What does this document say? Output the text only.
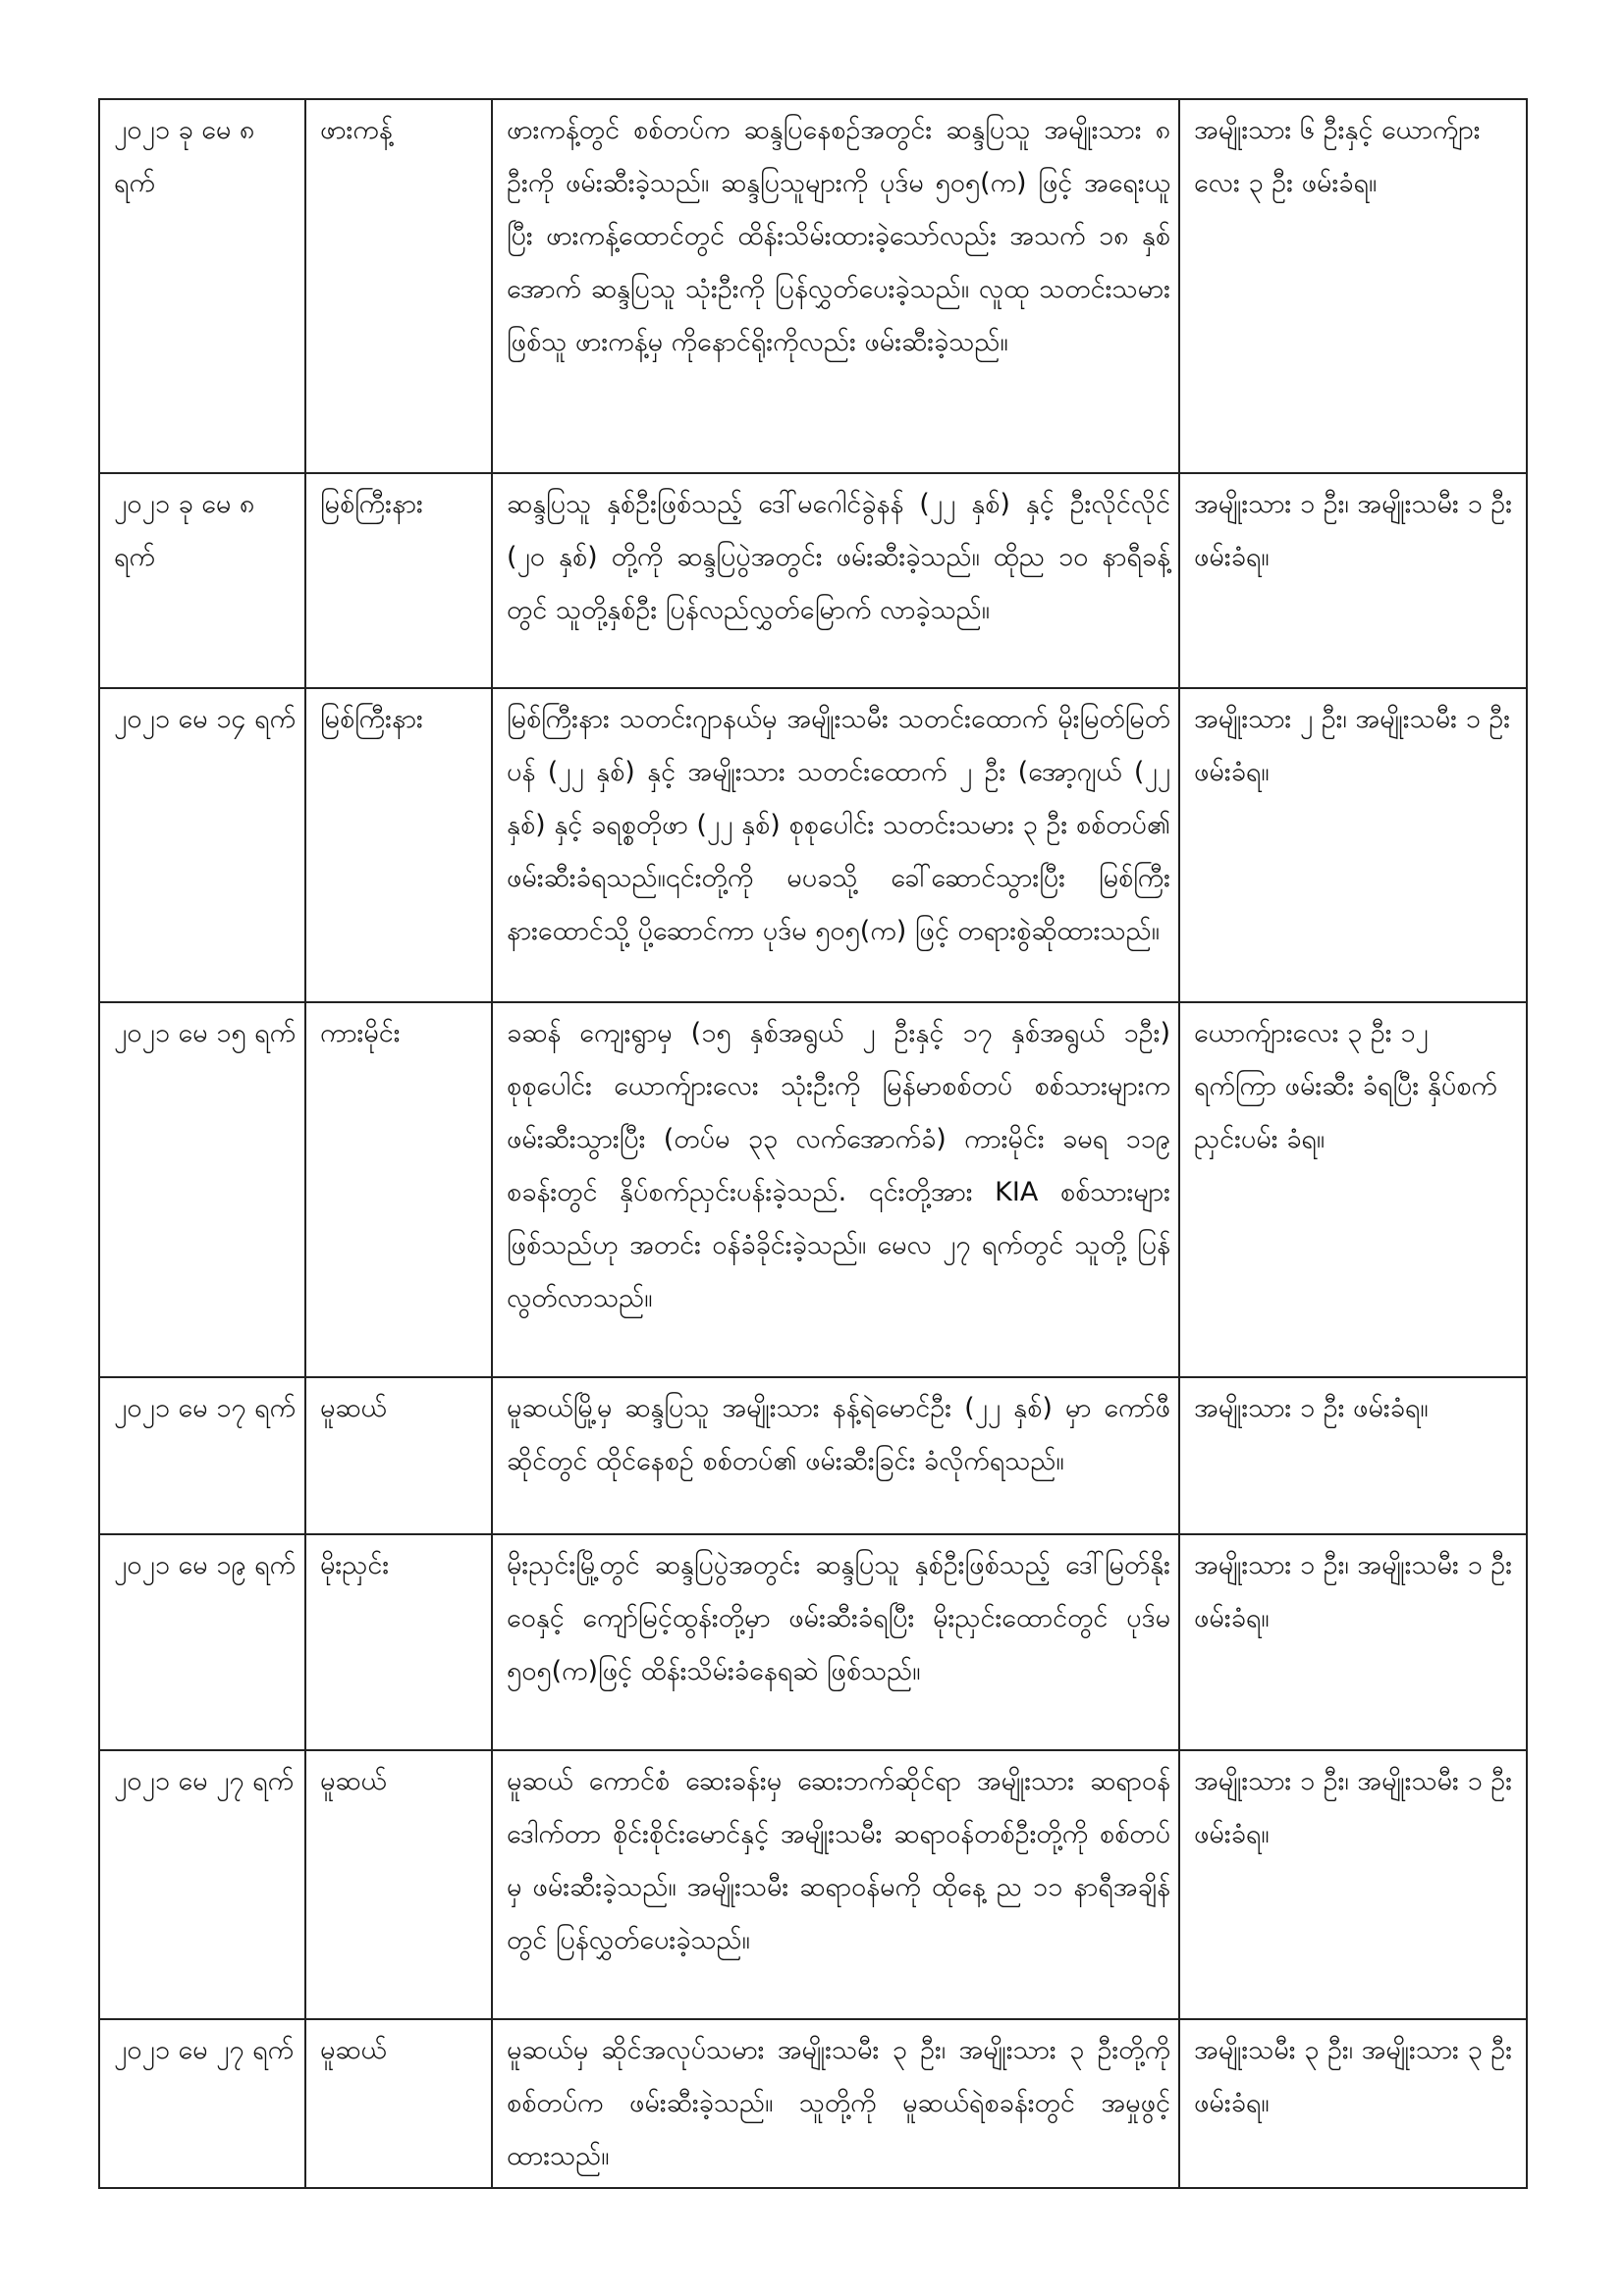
၂၀၂၁ ခု မေ ၈ ရက်	ဖားကန့်	ဖားကန့်တွင် စစ်တပ်က ဆန္ဒပြနေစဉ်အတွင်း ဆန္ဒပြသူ အမျိုးသား ၈ ဦးကို ဖမ်းဆီးခဲ့သည်။ ဆန္ဒပြသူများကို ပုဒ်မ ၅၀၅(က) ဖြင့် အရေးယူပြီး ဖားကန့်ထောင်တွင် ထိန်းသိမ်းထားခဲ့သော်လည်း အသက် ၁၈ နှစ်အောက် ဆန္ဒပြသူ သုံးဦးကို ပြန်လွှတ်ပေးခဲ့သည်။ လူထု သတင်းသမား ဖြစ်သူ ဖားကန့်မှ ကိုနောင်ရိုးကိုလည်း ဖမ်းဆီးခဲ့သည်။	အမျိုးသား ၆ ဦးနှင့် ယောက်ျားလေး ၃ ဦး ဖမ်းခံရ။
၂၀၂၁ ခု မေ ၈ ရက်	မြစ်ကြီးနား	ဆန္ဒပြသူ နှစ်ဦးဖြစ်သည့် ဒေါ်မဂေါင်ခွဲနန် (၂၂ နှစ်) နှင့် ဦးလိုင်လိုင် (၂၀ နှစ်) တို့ကို ဆန္ဒပြပွဲအတွင်း ဖမ်းဆီးခဲ့သည်။ ထိုည ၁၀ နာရီခန့်တွင် သူတို့နှစ်ဦး ပြန်လည်လွှတ်မြောက် လာခဲ့သည်။	အမျိုးသား ၁ ဦး၊ အမျိုးသမီး ၁ ဦး ဖမ်းခံရ။
၂၀၂၁ မေ ၁၄ ရက်	မြစ်ကြီးနား	မြစ်ကြီးနား သတင်းဂျာနယ်မှ အမျိုးသမီး သတင်းထောက် မိုးမြတ်မြတ်ပန် (၂၂ နှစ်) နှင့် အမျိုးသား သတင်းထောက် ၂ ဦး (အော့ဂျယ် (၂၂ နှစ်) နှင့် ခရစ္စတိုဖာ (၂၂ နှစ်) စုစုပေါင်း သတင်းသမား ၃ ဦး စစ်တပ်၏ ဖမ်းဆီးခံရသည်။၎င်းတို့ကို မပခသို့ ခေါ်ဆောင်သွားပြီး မြစ်ကြီးနားထောင်သို့ ပို့ဆောင်ကာ ပုဒ်မ ၅၀၅(က) ဖြင့် တရားစွဲဆိုထားသည်။	အမျိုးသား ၂ ဦး၊ အမျိုးသမီး ၁ ဦး ဖမ်းခံရ။
၂၀၂၁ မေ ၁၅ ရက်	ကားမိုင်း	ခဆန် ကျေးရွာမှ (၁၅ နှစ်အရွယ် ၂ ဦးနှင့် ၁၇ နှစ်အရွယ် ၁ဦး) စုစုပေါင်း ယောက်ျားလေး သုံးဦးကို မြန်မာစစ်တပ် စစ်သားများက ဖမ်းဆီးသွားပြီး (တပ်မ ၃၃ လက်အောက်ခံ) ကားမိုင်း ခမရ ၁၁၉ စခန်းတွင် နှိပ်စက်ညှင်းပန်းခဲ့သည်. ၎င်းတို့အား KIA စစ်သားများ ဖြစ်သည်ဟု အတင်း ဝန်ခံခိုင်းခဲ့သည်။ မေလ ၂၇ ရက်တွင် သူတို့ ပြန်လွတ်လာသည်။	ယောက်ျားလေး ၃ ဦး ၁၂ ရက်ကြာ ဖမ်းဆီး ခံရပြီး နှိပ်စက်ညှင်းပမ်း ခံရ။
၂၀၂၁ မေ ၁၇ ရက်	မူဆယ်	မူဆယ်မြို့မှ ဆန္ဒပြသူ အမျိုးသား နန့်ရဲမောင်ဦး (၂၂ နှစ်) မှာ ကော်ဖီဆိုင်တွင် ထိုင်နေစဉ် စစ်တပ်၏ ဖမ်းဆီးခြင်း ခံလိုက်ရသည်။	အမျိုးသား ၁ ဦး ဖမ်းခံရ။
၂၀၂၁ မေ ၁၉ ရက်	မိုးညှင်း	မိုးညှင်းမြို့တွင် ဆန္ဒပြပွဲအတွင်း ဆန္ဒပြသူ နှစ်ဦးဖြစ်သည့် ဒေါ်မြတ်နိုးဝေနှင့် ကျော်မြင့်ထွန်းတို့မှာ ဖမ်းဆီးခံရပြီး မိုးညှင်းထောင်တွင် ပုဒ်မ ၅၀၅(က)ဖြင့် ထိန်းသိမ်းခံနေရဆဲ ဖြစ်သည်။	အမျိုးသား ၁ ဦး၊ အမျိုးသမီး ၁ ဦး ဖမ်းခံရ။
၂၀၂၁ မေ ၂၇ ရက်	မူဆယ်	မူဆယ် ကောင်စံ ဆေးခန်းမှ ဆေးဘက်ဆိုင်ရာ အမျိုးသား ဆရာဝန် ဒေါက်တာ စိုင်းစိုင်းမောင်နှင့် အမျိုးသမီး ဆရာဝန်တစ်ဦးတို့ကို စစ်တပ်မှ ဖမ်းဆီးခဲ့သည်။ အမျိုးသမီး ဆရာဝန်မကို ထိုနေ့ ည ၁၁ နာရီအချိန်တွင် ပြန်လွှတ်ပေးခဲ့သည်။	အမျိုးသား ၁ ဦး၊ အမျိုးသမီး ၁ ဦး ဖမ်းခံရ။
၂၀၂၁ မေ ၂၇ ရက်	မူဆယ်	မူဆယ်မှ ဆိုင်အလုပ်သမား အမျိုးသမီး ၃ ဦး၊ အမျိုးသား ၃ ဦးတို့ကို စစ်တပ်က ဖမ်းဆီးခဲ့သည်။ သူတို့ကို မူဆယ်ရဲစခန်းတွင် အမှုဖွင့်ထားသည်။	အမျိုးသမီး ၃ ဦး၊ အမျိုးသား ၃ ဦး ဖမ်းခံရ။
